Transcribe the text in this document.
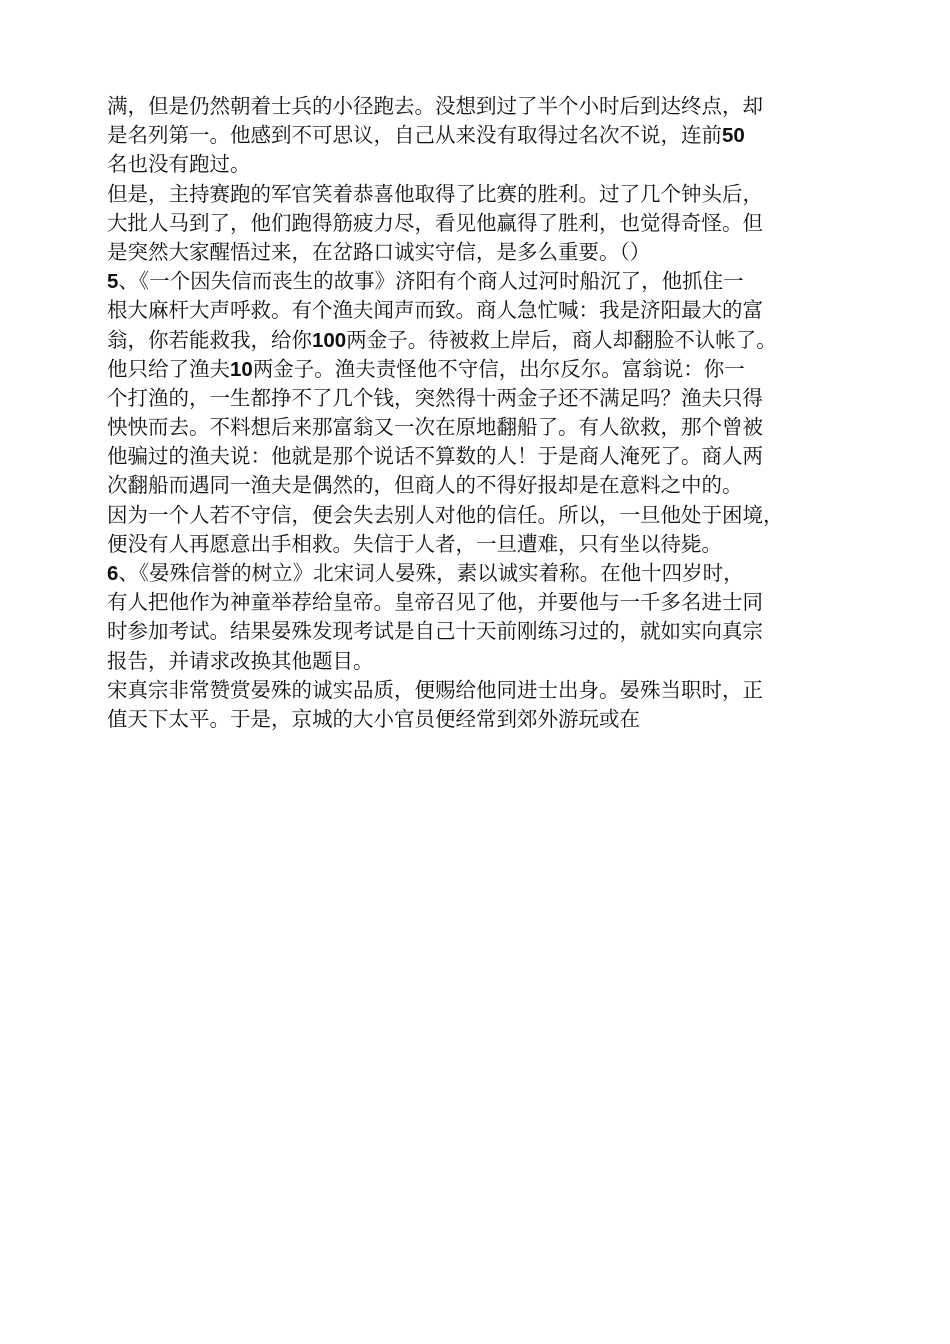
满，但是仍然朝着士兵的小径跑去。没想到过了半个小时后到达终点，却
是名列第一。他感到不可思议，自己从来没有取得过名次不说，连前50
名也没有跑过。
但是，主持赛跑的军官笑着恭喜他取得了比赛的胜利。过了几个钟头后，
大批人马到了，他们跑得筋疲力尽，看见他赢得了胜利，也觉得奇怪。但
是突然大家醒悟过来，在岔路口诚实守信，是多么重要。（）
5、《一个因失信而丧生的故事》济阳有个商人过河时船沉了，他抓住一
根大麻杆大声呼救。有个渔夫闻声而致。商人急忙喊：我是济阳最大的富
翁，你若能救我，给你100两金子。待被救上岸后，商人却翻脸不认帐了。
他只给了渔夫10两金子。渔夫责怪他不守信，出尔反尔。富翁说：你一
个打渔的，一生都挣不了几个钱，突然得十两金子还不满足吗？渔夫只得
怏怏而去。不料想后来那富翁又一次在原地翻船了。有人欲救，那个曾被
他骗过的渔夫说：他就是那个说话不算数的人！于是商人淹死了。商人两
次翻船而遇同一渔夫是偶然的，但商人的不得好报却是在意料之中的。
因为一个人若不守信，便会失去别人对他的信任。所以，一旦他处于困境，
便没有人再愿意出手相救。失信于人者，一旦遭难，只有坐以待毙。
6、《晏殊信誉的树立》北宋词人晏殊，素以诚实着称。在他十四岁时，
有人把他作为神童举荐给皇帝。皇帝召见了他，并要他与一千多名进士同
时参加考试。结果晏殊发现考试是自己十天前刚练习过的，就如实向真宗
报告，并请求改换其他题目。
宋真宗非常赞赏晏殊的诚实品质，便赐给他同进士出身。晏殊当职时，正
值天下太平。于是，京城的大小官员便经常到郊外游玩或在
